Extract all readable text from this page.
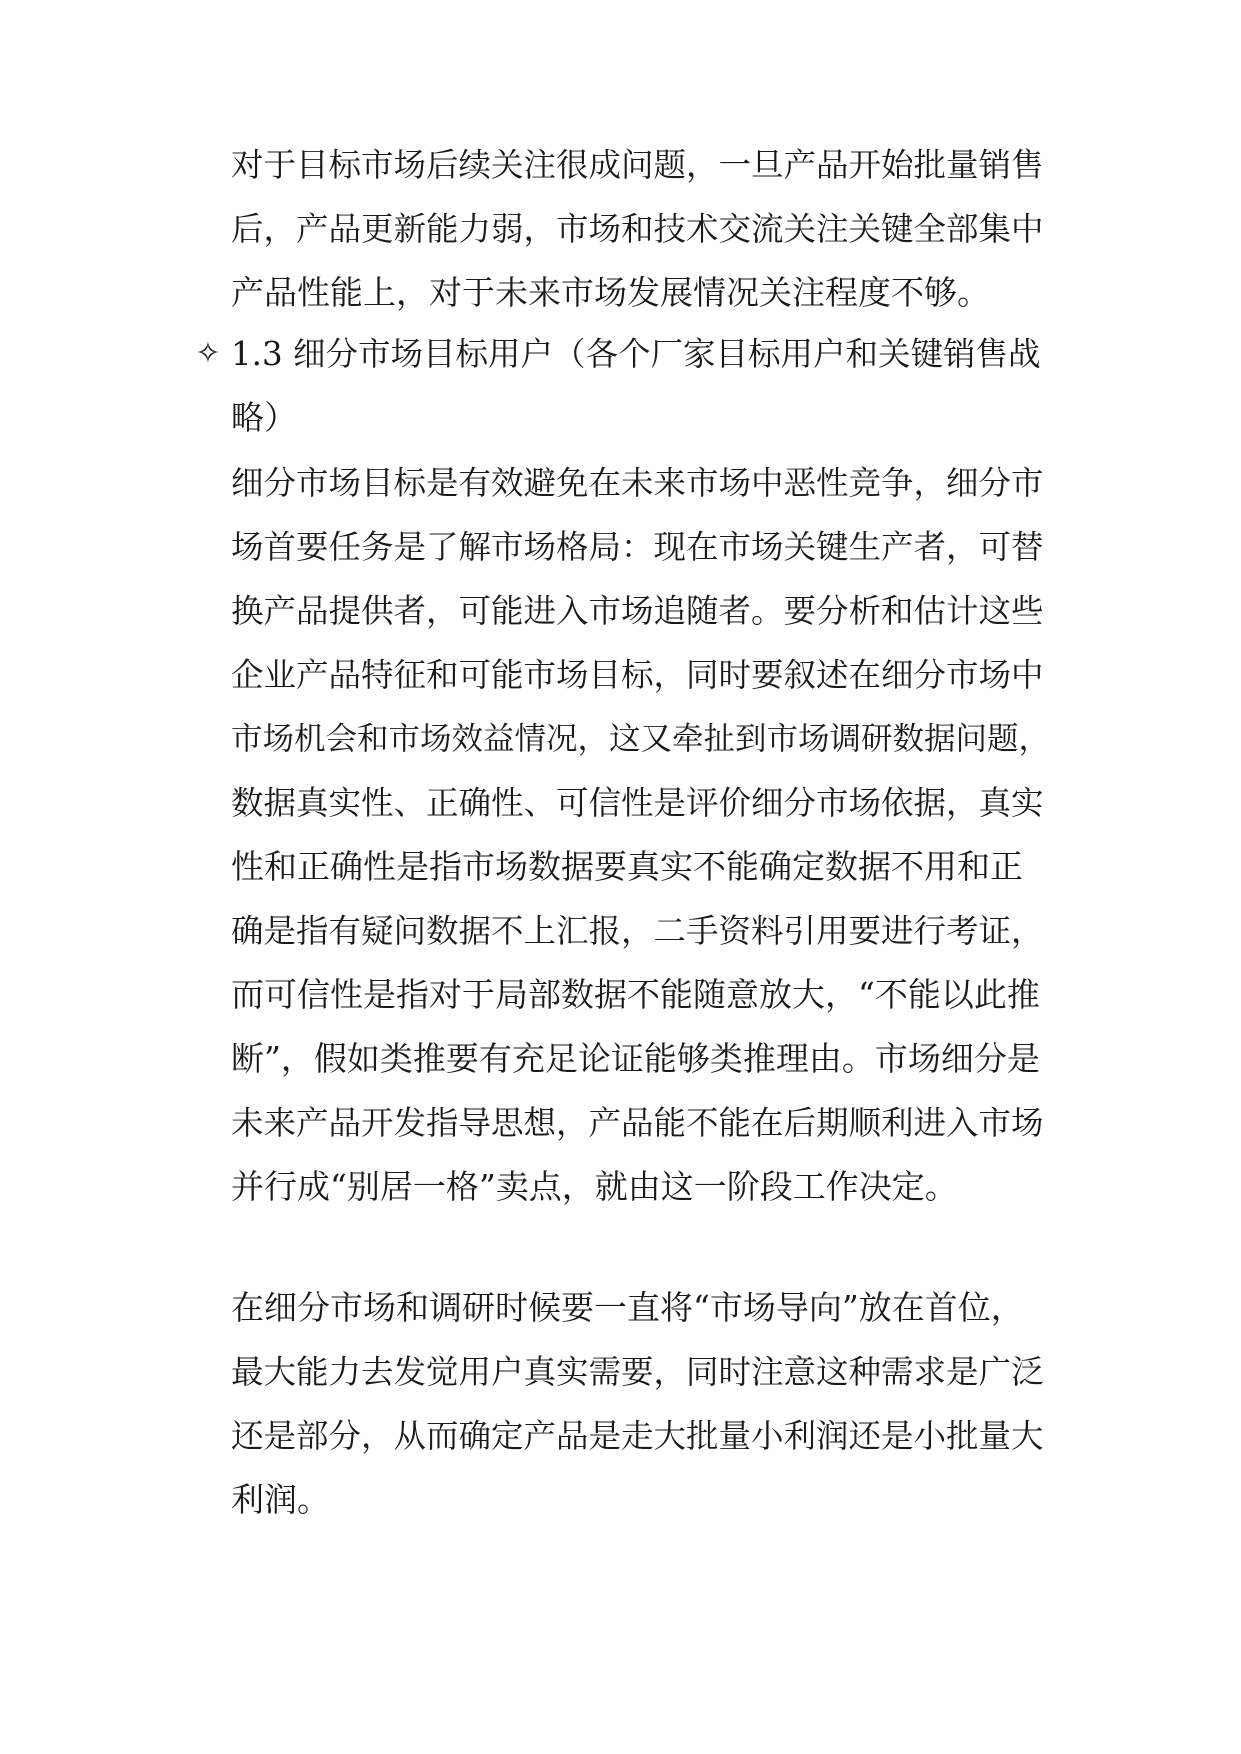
对于目标市场后续关注很成问题，一旦产品开始批量销售
后，产品更新能力弱，市场和技术交流关注关键全部集中
产品性能上，对于未来市场发展情况关注程度不够。
✧ 1.3 细分市场目标用户（各个厂家目标用户和关键销售战
略）
细分市场目标是有效避免在未来市场中恶性竞争，细分市
场首要任务是了解市场格局：现在市场关键生产者，可替
换产品提供者，可能进入市场追随者。要分析和估计这些
企业产品特征和可能市场目标，同时要叙述在细分市场中
市场机会和市场效益情况，这又牵扯到市场调研数据问题，
数据真实性、正确性、可信性是评价细分市场依据，真实
性和正确性是指市场数据要真实不能确定数据不用和正
确是指有疑问数据不上汇报，二手资料引用要进行考证，
而可信性是指对于局部数据不能随意放大，“不能以此推
断”，假如类推要有充足论证能够类推理由。市场细分是
未来产品开发指导思想，产品能不能在后期顺利进入市场
并行成“别居一格”卖点，就由这一阶段工作决定。
在细分市场和调研时候要一直将“市场导向”放在首位，
最大能力去发觉用户真实需要，同时注意这种需求是广泛
还是部分，从而确定产品是走大批量小利润还是小批量大
利润。
